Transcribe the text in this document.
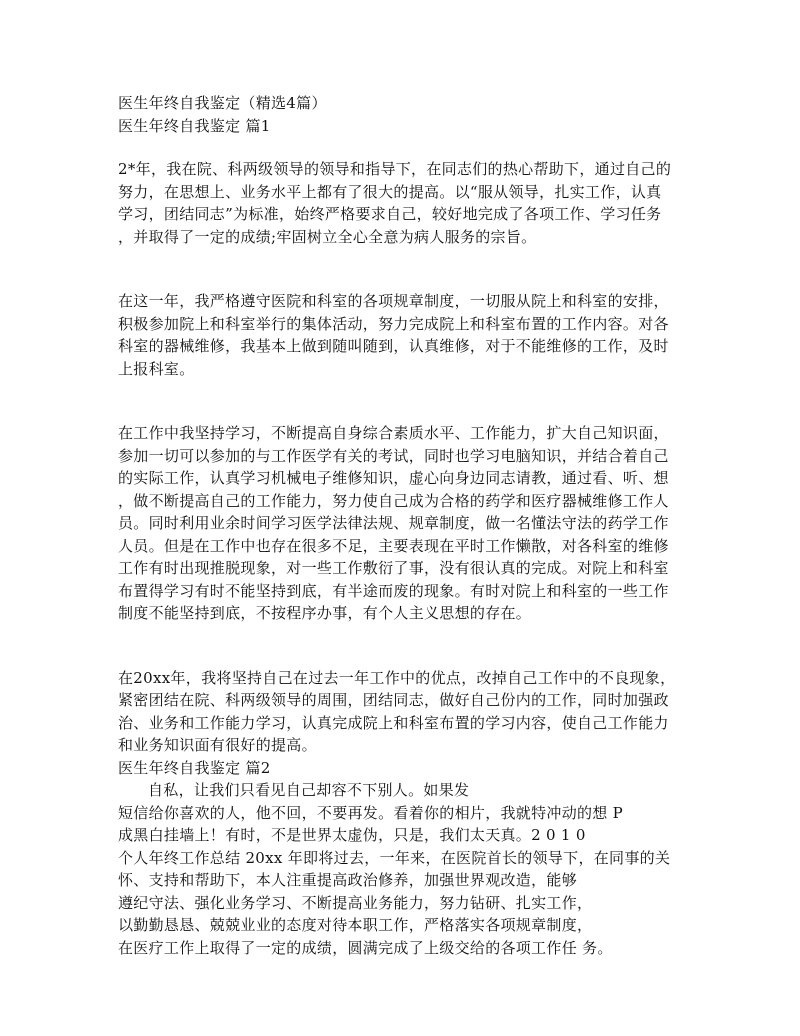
医生年终自我鉴定（精选4篇）
医生年终自我鉴定 篇1
2*年，我在院、科两级领导的领导和指导下，在同志们的热心帮助下，通过自己的
努力，在思想上、业务水平上都有了很大的提高。以“服从领导，扎实工作，认真
学习，团结同志”为标准，始终严格要求自己，较好地完成了各项工作、学习任务
，并取得了一定的成绩;牢固树立全心全意为病人服务的宗旨。
在这一年，我严格遵守医院和科室的各项规章制度，一切服从院上和科室的安排，
积极参加院上和科室举行的集体活动，努力完成院上和科室布置的工作内容。对各
科室的器械维修，我基本上做到随叫随到，认真维修，对于不能维修的工作，及时
上报科室。
在工作中我坚持学习，不断提高自身综合素质水平、工作能力，扩大自己知识面，
参加一切可以参加的与工作医学有关的考试，同时也学习电脑知识，并结合着自己
的实际工作，认真学习机械电子维修知识，虚心向身边同志请教，通过看、听、想
，做不断提高自己的工作能力，努力使自己成为合格的药学和医疗器械维修工作人
员。同时利用业余时间学习医学法律法规、规章制度，做一名懂法守法的药学工作
人员。但是在工作中也存在很多不足，主要表现在平时工作懒散，对各科室的维修
工作有时出现推脱现象，对一些工作敷衍了事，没有很认真的完成。对院上和科室
布置得学习有时不能坚持到底，有半途而废的现象。有时对院上和科室的一些工作
制度不能坚持到底，不按程序办事，有个人主义思想的存在。
在20xx年，我将坚持自己在过去一年工作中的优点，改掉自己工作中的不良现象，
紧密团结在院、科两级领导的周围，团结同志，做好自己份内的工作，同时加强政
治、业务和工作能力学习，认真完成院上和科室布置的学习内容，使自己工作能力
和业务知识面有很好的提高。
医生年终自我鉴定 篇2
自私，让我们只看见自己却容不下别人。如果发
短信给你喜欢的人，他不回，不要再发。看着你的相片，我就特冲动的想 P
成黑白挂墙上！有时，不是世界太虚伪，只是，我们太天真。2 0 1 0
个人年终工作总结 20xx 年即将过去，一年来，在医院首长的领导下，在同事的关
怀、支持和帮助下，本人注重提高政治修养，加强世界观改造，能够
遵纪守法、强化业务学习、不断提高业务能力，努力钻研、扎实工作，
以勤勤恳恳、兢兢业业的态度对待本职工作，严格落实各项规章制度，
在医疗工作上取得了一定的成绩，圆满完成了上级交给的各项工作任 务。
